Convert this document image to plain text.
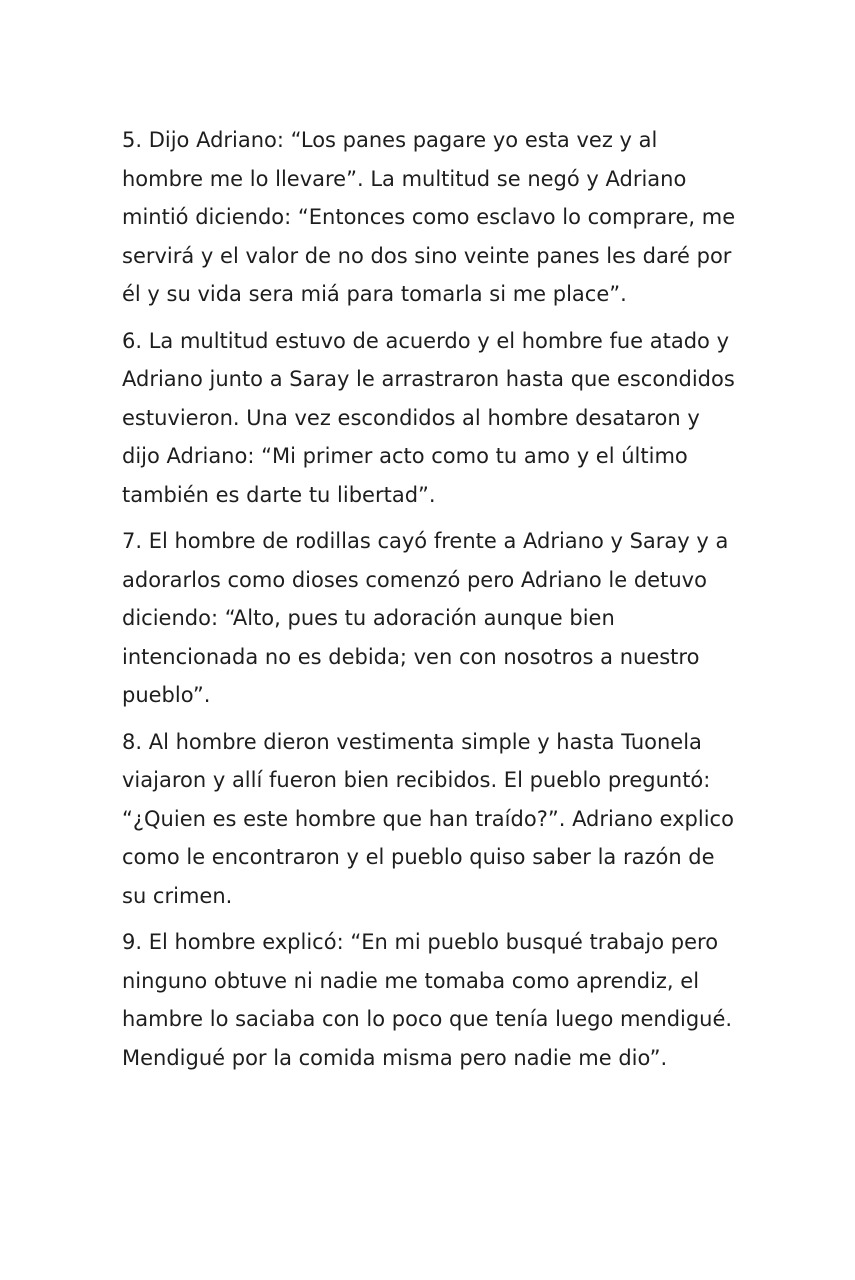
5. Dijo Adriano: “Los panes pagare yo esta vez y al
hombre me lo llevare”. La multitud se negó y Adriano
mintió diciendo: “Entonces como esclavo lo comprare, me
servirá y el valor de no dos sino veinte panes les daré por
él y su vida sera miá para tomarla si me place”.

6. La multitud estuvo de acuerdo y el hombre fue atado y
Adriano junto a Saray le arrastraron hasta que escondidos
estuvieron. Una vez escondidos al hombre desataron y
dijo Adriano: “Mi primer acto como tu amo y el último
también es darte tu libertad”.

7. El hombre de rodillas cayó frente a Adriano y Saray y a
adorarlos como dioses comenzó pero Adriano le detuvo
diciendo: “Alto, pues tu adoración aunque bien
intencionada no es debida; ven con nosotros a nuestro
pueblo”.

8. Al hombre dieron vestimenta simple y hasta Tuonela
viajaron y allí fueron bien recibidos. El pueblo preguntó:
“¿Quien es este hombre que han traído?”. Adriano explico
como le encontraron y el pueblo quiso saber la razón de
su crimen.

9. El hombre explicó: “En mi pueblo busqué trabajo pero
ninguno obtuve ni nadie me tomaba como aprendiz, el
hambre lo saciaba con lo poco que tenía luego mendigué.
Mendigué por la comida misma pero nadie me dio”.
